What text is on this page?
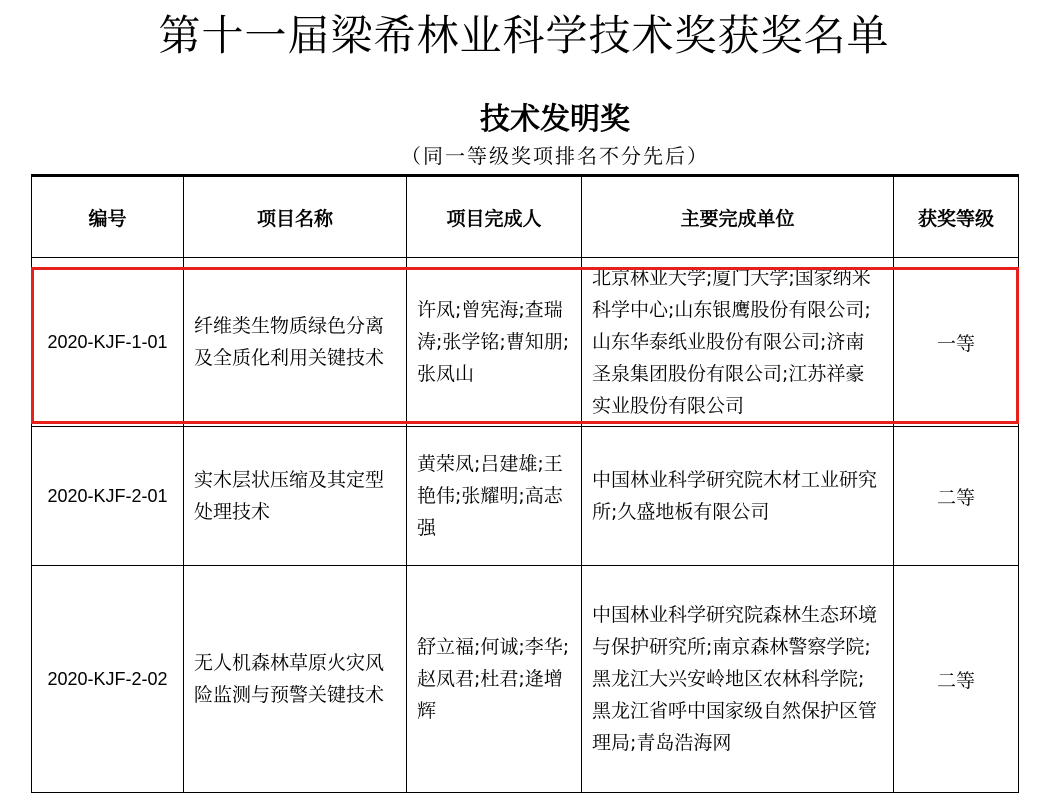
第十一届梁希林业科学技术奖获奖名单
技术发明奖
（同一等级奖项排名不分先后）
编号	项目名称	项目完成人	主要完成单位	获奖等级
2020-KJF-1-01	纤维类生物质绿色分离及全质化利用关键技术	许凤;曾宪海;查瑞涛;张学铭;曹知朋;张凤山	北京林业大学;厦门大学;国家纳米科学中心;山东银鹰股份有限公司;山东华泰纸业股份有限公司;济南圣泉集团股份有限公司;江苏祥豪实业股份有限公司	一等
2020-KJF-2-01	实木层状压缩及其定型处理技术	黄荣凤;吕建雄;王艳伟;张耀明;高志强	中国林业科学研究院木材工业研究所;久盛地板有限公司	二等
2020-KJF-2-02	无人机森林草原火灾风险监测与预警关键技术	舒立福;何诚;李华;赵凤君;杜君;逄增辉	中国林业科学研究院森林生态环境与保护研究所;南京森林警察学院;黑龙江大兴安岭地区农林科学院;黑龙江省呼中国家级自然保护区管理局;青岛浩海网	二等
